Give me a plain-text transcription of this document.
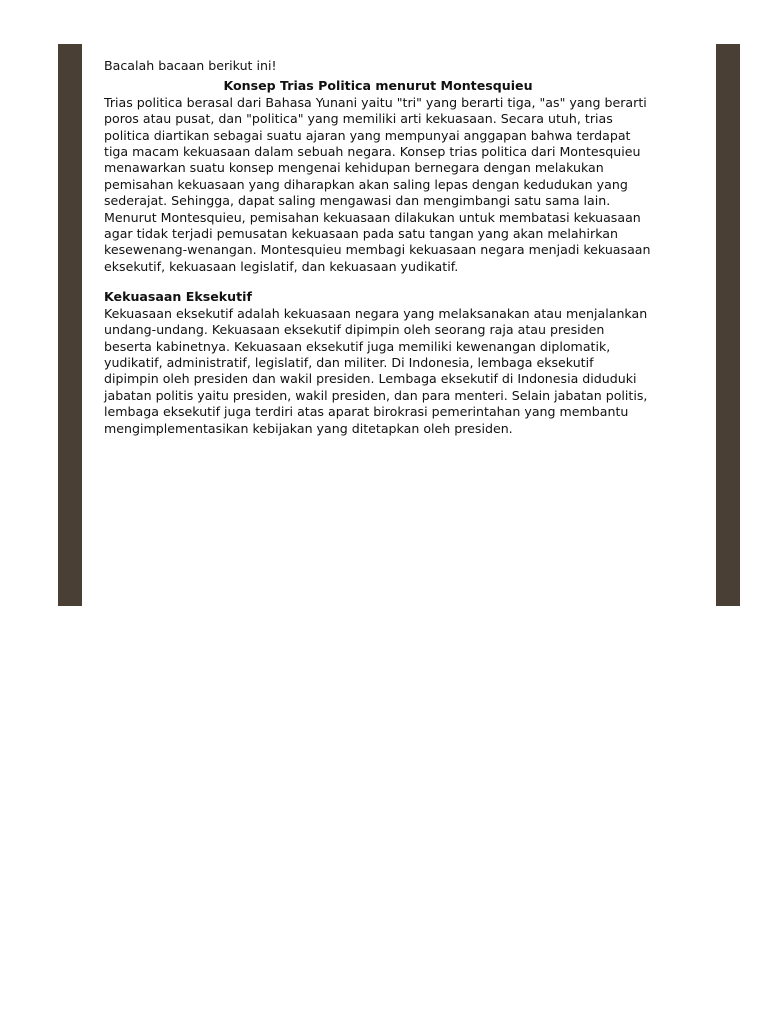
Bacalah bacaan berikut ini!

Konsep Trias Politica menurut Montesquieu

Trias politica berasal dari Bahasa Yunani yaitu "tri" yang berarti tiga, "as" yang berarti poros atau pusat, dan "politica" yang memiliki arti kekuasaan. Secara utuh, trias politica diartikan sebagai suatu ajaran yang mempunyai anggapan bahwa terdapat tiga macam kekuasaan dalam sebuah negara. Konsep trias politica dari Montesquieu menawarkan suatu konsep mengenai kehidupan bernegara dengan melakukan pemisahan kekuasaan yang diharapkan akan saling lepas dengan kedudukan yang sederajat. Sehingga, dapat saling mengawasi dan mengimbangi satu sama lain. Menurut Montesquieu, pemisahan kekuasaan dilakukan untuk membatasi kekuasaan agar tidak terjadi pemusatan kekuasaan pada satu tangan yang akan melahirkan kesewenang-wenangan. Montesquieu membagi kekuasaan negara menjadi kekuasaan eksekutif, kekuasaan legislatif, dan kekuasaan yudikatif.

Kekuasaan Eksekutif

Kekuasaan eksekutif adalah kekuasaan negara yang melaksanakan atau menjalankan undang-undang. Kekuasaan eksekutif dipimpin oleh seorang raja atau presiden beserta kabinetnya. Kekuasaan eksekutif juga memiliki kewenangan diplomatik, yudikatif, administratif, legislatif, dan militer. Di Indonesia, lembaga eksekutif dipimpin oleh presiden dan wakil presiden. Lembaga eksekutif di Indonesia diduduki jabatan politis yaitu presiden, wakil presiden, dan para menteri. Selain jabatan politis, lembaga eksekutif juga terdiri atas aparat birokrasi pemerintahan yang membantu mengimplementasikan kebijakan yang ditetapkan oleh presiden.
